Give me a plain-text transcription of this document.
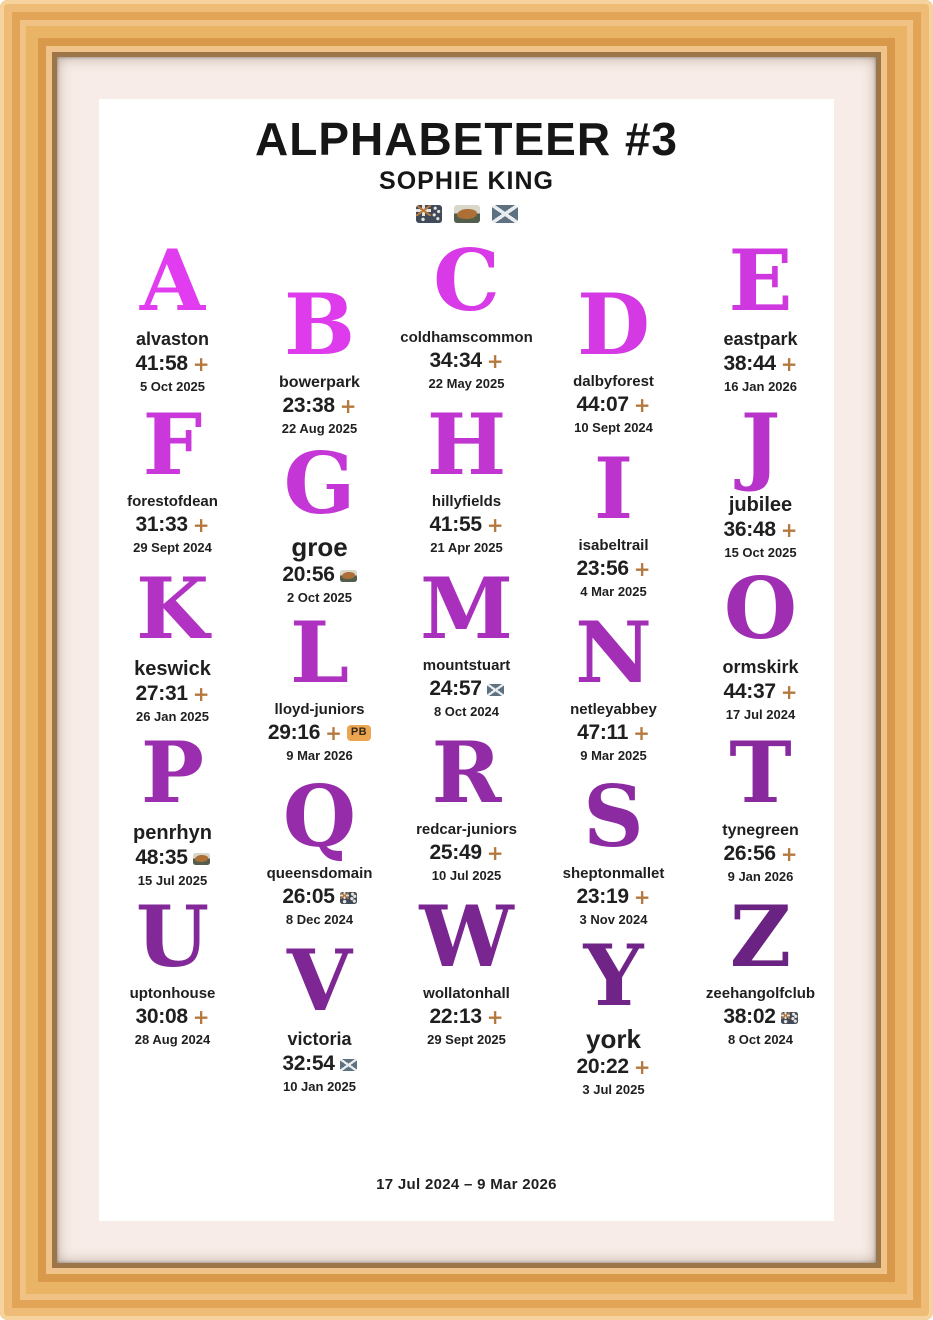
ALPHABETEER #3
SOPHIE KING
A
alvaston
41:58 +
5 Oct 2025
B
bowerpark
23:38 +
22 Aug 2025
C
coldhamscommon
34:34 +
22 May 2025
D
dalbyforest
44:07 +
10 Sept 2024
E
eastpark
38:44 +
16 Jan 2026
F
forestofdean
31:33 +
29 Sept 2024
G
groe
20:56
2 Oct 2025
H
hillyfields
41:55 +
21 Apr 2025
I
isabeltrail
23:56 +
4 Mar 2025
J
jubilee
36:48 +
15 Oct 2025
K
keswick
27:31 +
26 Jan 2025
L
lloyd-juniors
29:16 + PB
9 Mar 2026
M
mountstuart
24:57
8 Oct 2024
N
netleyabbey
47:11 +
9 Mar 2025
O
ormskirk
44:37 +
17 Jul 2024
P
penrhyn
48:35
15 Jul 2025
Q
queensdomain
26:05
8 Dec 2024
R
redcar-juniors
25:49 +
10 Jul 2025
S
sheptonmallet
23:19 +
3 Nov 2024
T
tynegreen
26:56 +
9 Jan 2026
U
uptonhouse
30:08 +
28 Aug 2024
V
victoria
32:54
10 Jan 2025
W
wollatonhall
22:13 +
29 Sept 2025
Y
york
20:22 +
3 Jul 2025
Z
zeehangolfclub
38:02
8 Oct 2024
17 Jul 2024 – 9 Mar 2026
